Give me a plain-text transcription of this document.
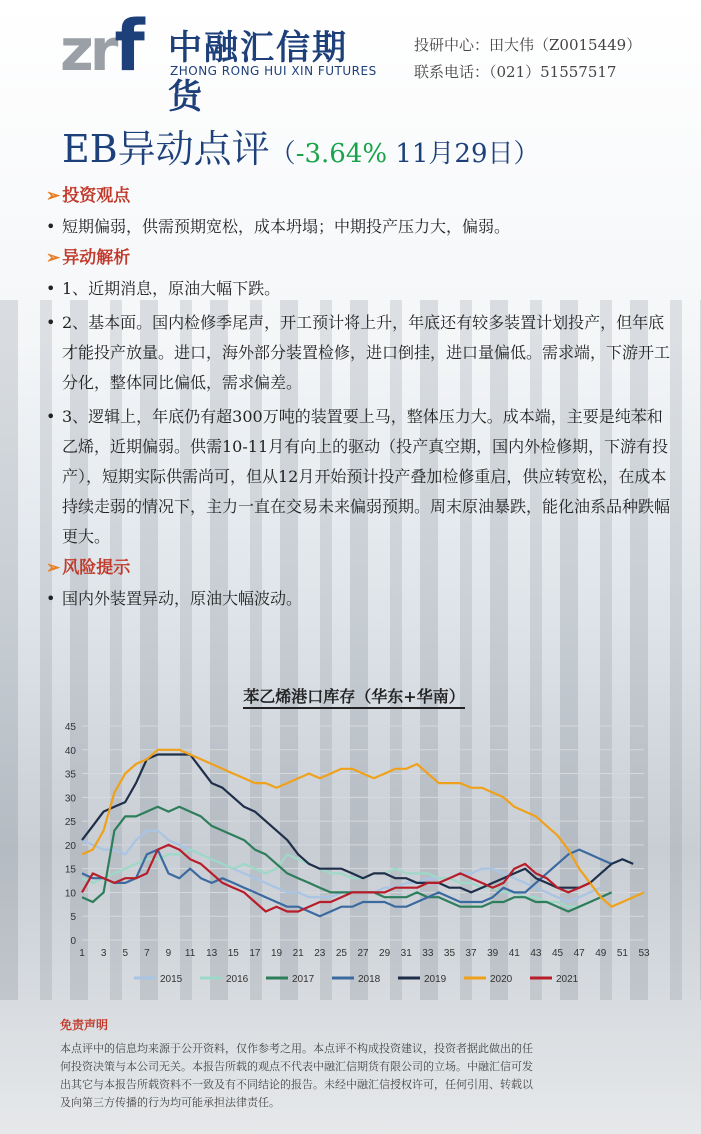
zrf 中融汇信期货
ZHONG RONG HUI XIN FUTURES
投研中心：田大伟（Z0015449）
联系电话：（021）51557517
EB异动点评（-3.64% 11月29日）
➢ 投资观点
• 短期偏弱，供需预期宽松，成本坍塌；中期投产压力大，偏弱。

➢ 异动解析
• 1、近期消息，原油大幅下跌。

• 2、基本面。国内检修季尾声，开工预计将上升，年底还有较多装置计划投产，但年底才能投产放量。进口，海外部分装置检修，进口倒挂，进口量偏低。需求端，下游开工分化，整体同比偏低，需求偏差。

• 3、逻辑上，年底仍有超300万吨的装置要上马，整体压力大。成本端，主要是纯苯和乙烯，近期偏弱。供需10-11月有向上的驱动（投产真空期，国内外检修期，下游有投产），短期实际供需尚可，但从12月开始预计投产叠加检修重启，供应转宽松，在成本持续走弱的情况下，主力一直在交易未来偏弱预期。周末原油暴跌，能化油系品种跌幅更大。

➢ 风险提示
• 国内外装置异动，原油大幅波动。

苯乙烯港口库存（华东+华南）
0
5
10
15
20
25
30
35
40
45
1 3 5 7 9 11 13 15 17 19 21 23 25 27 29 31 33 35 37 39 41 43 45 47 49 51 53
2015	2016	2017	2018	2019	2020	2021
免责声明

本点评中的信息均来源于公开资料，仅作参考之用。本点评不构成投资建议，投资者据此做出的任

何投资决策与本公司无关。本报告所载的观点不代表中融汇信期货有限公司的立场。中融汇信可发

出其它与本报告所载资料不一致及有不同结论的报告。未经中融汇信授权许可，任何引用、转载以

及向第三方传播的行为均可能承担法律责任。
